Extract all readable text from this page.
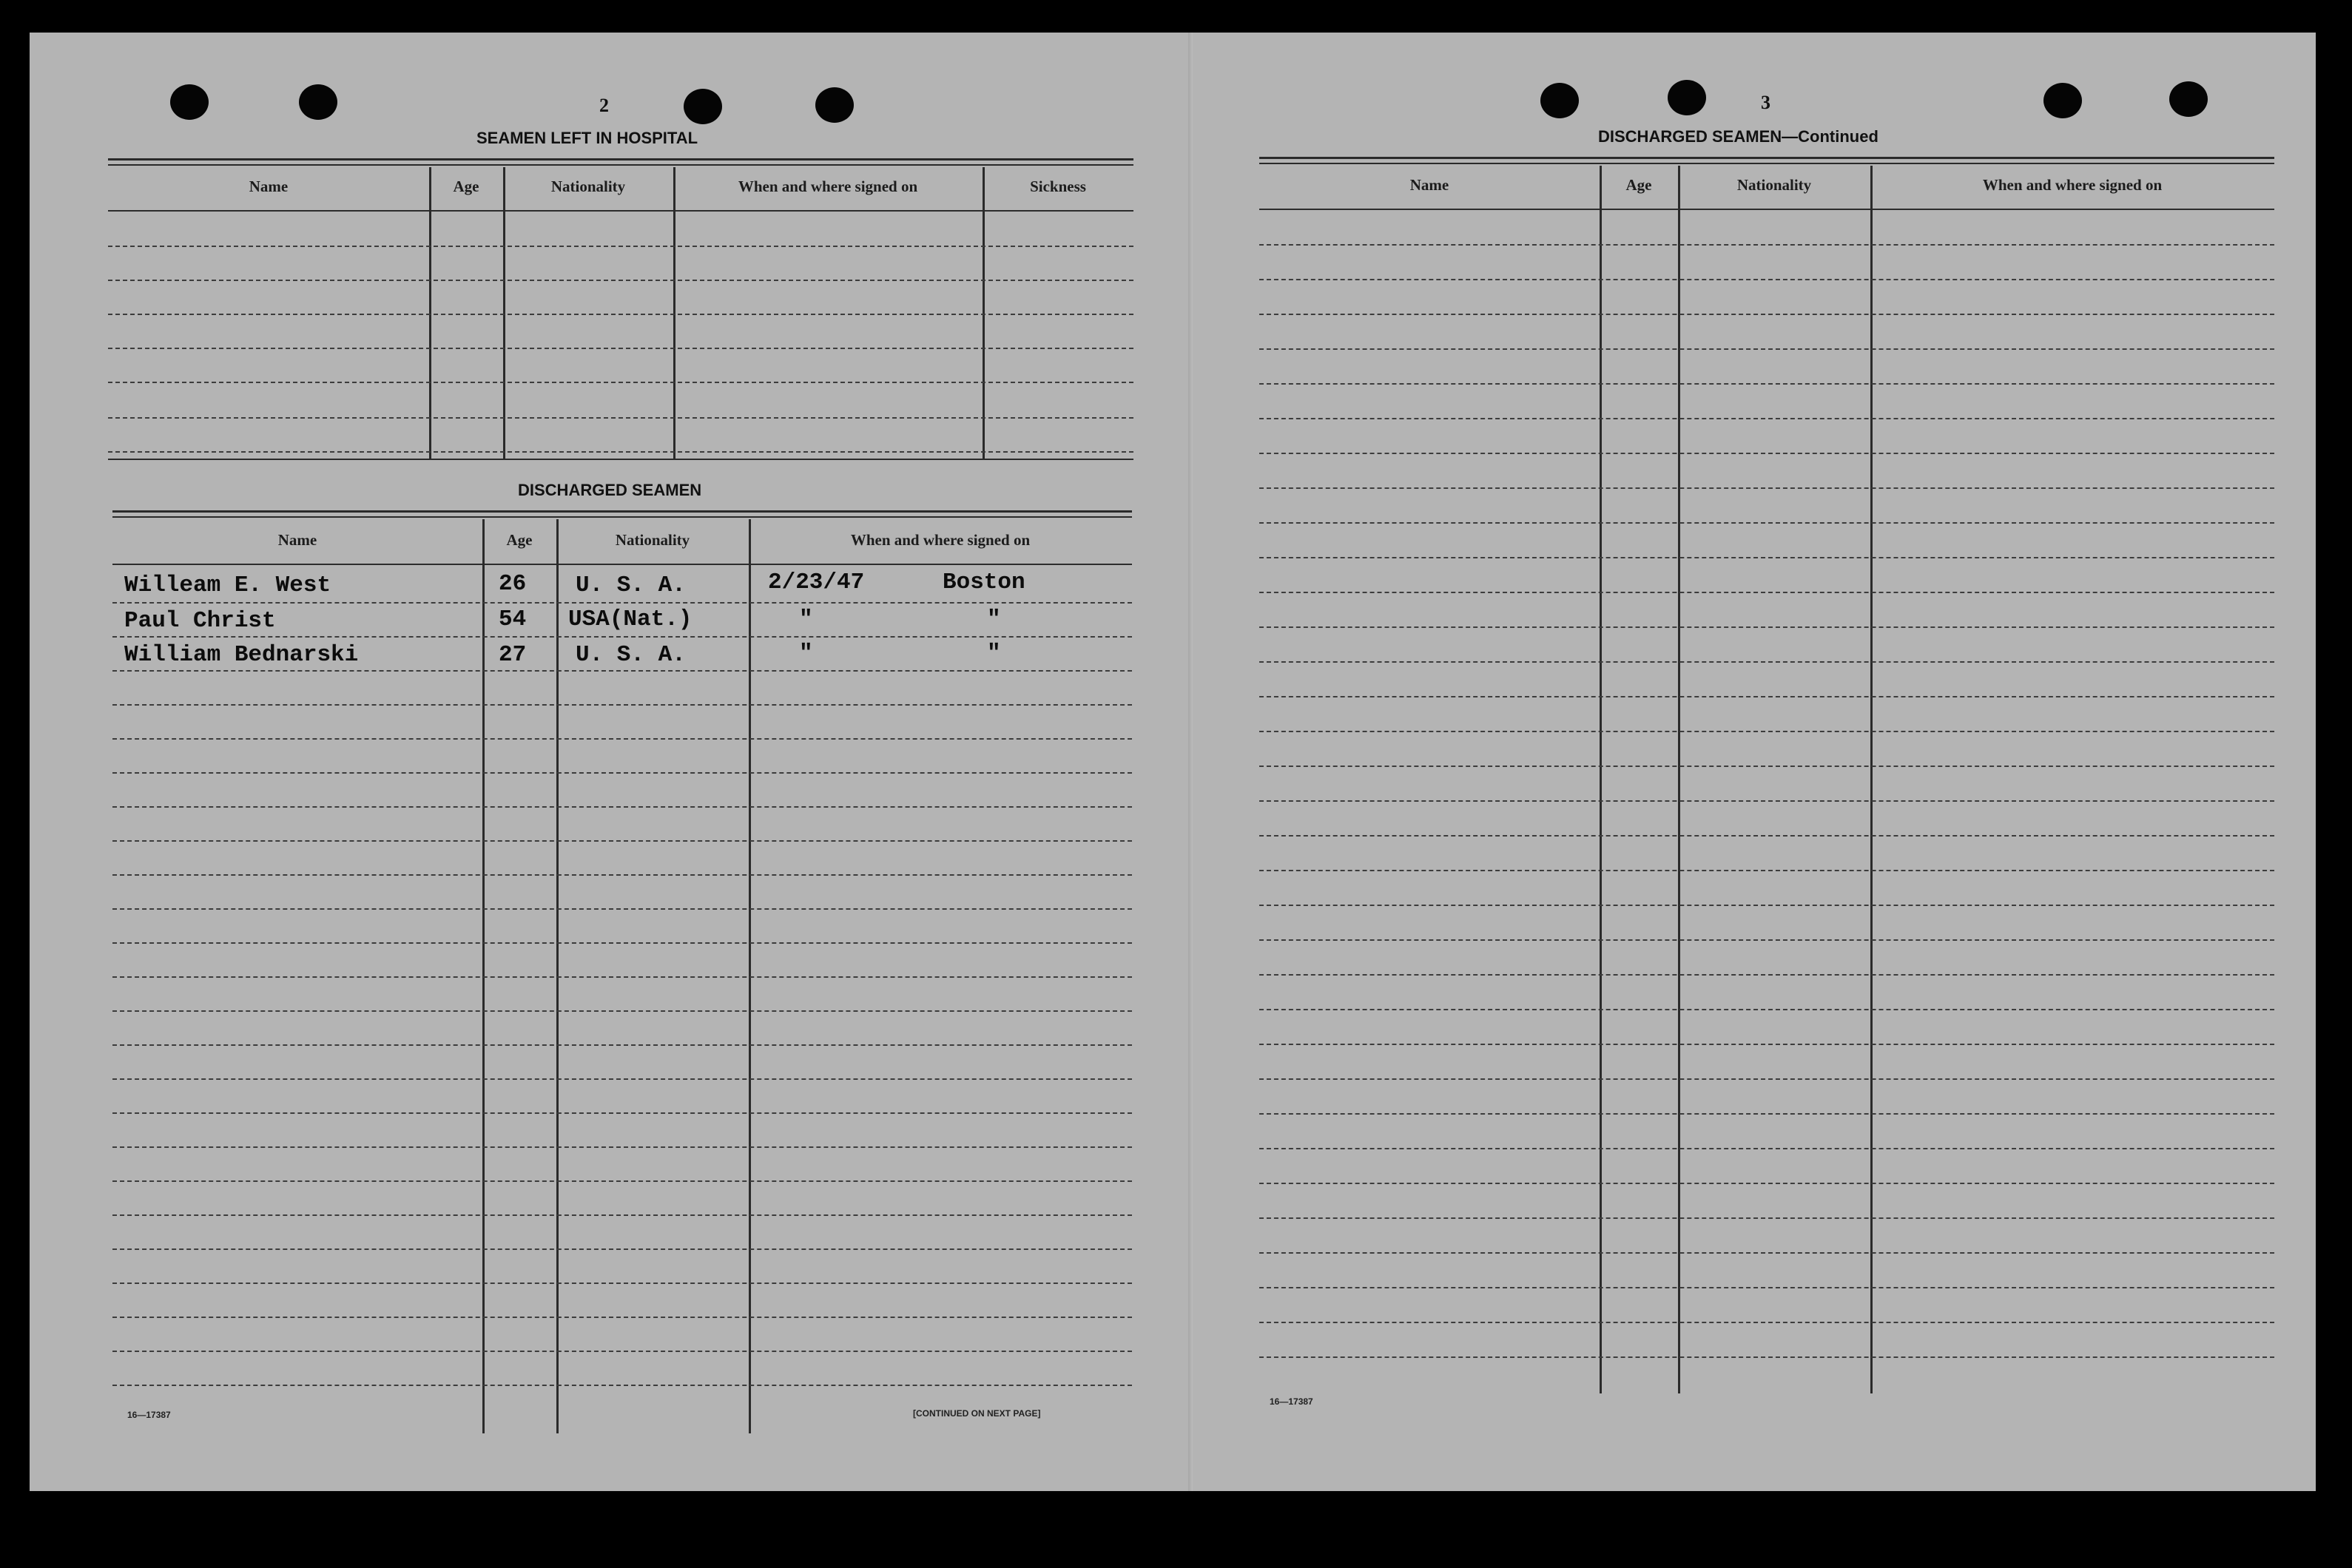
2
SEAMEN LEFT IN HOSPITAL
Name	Age	Nationality	When and where signed on	Sickness
DISCHARGED SEAMEN
Name	Age	Nationality	When and where signed on
Willeam E. West	26 U. S. A.	2/23/47	Boston
Paul Christ	54 USA(Nat.)	"	"
William Bednarski	27 U. S. A.	"	"
16—17387	[CONTINUED ON NEXT PAGE]
3
DISCHARGED SEAMEN—Continued
Name	Age	Nationality	When and where signed on
16—17387
